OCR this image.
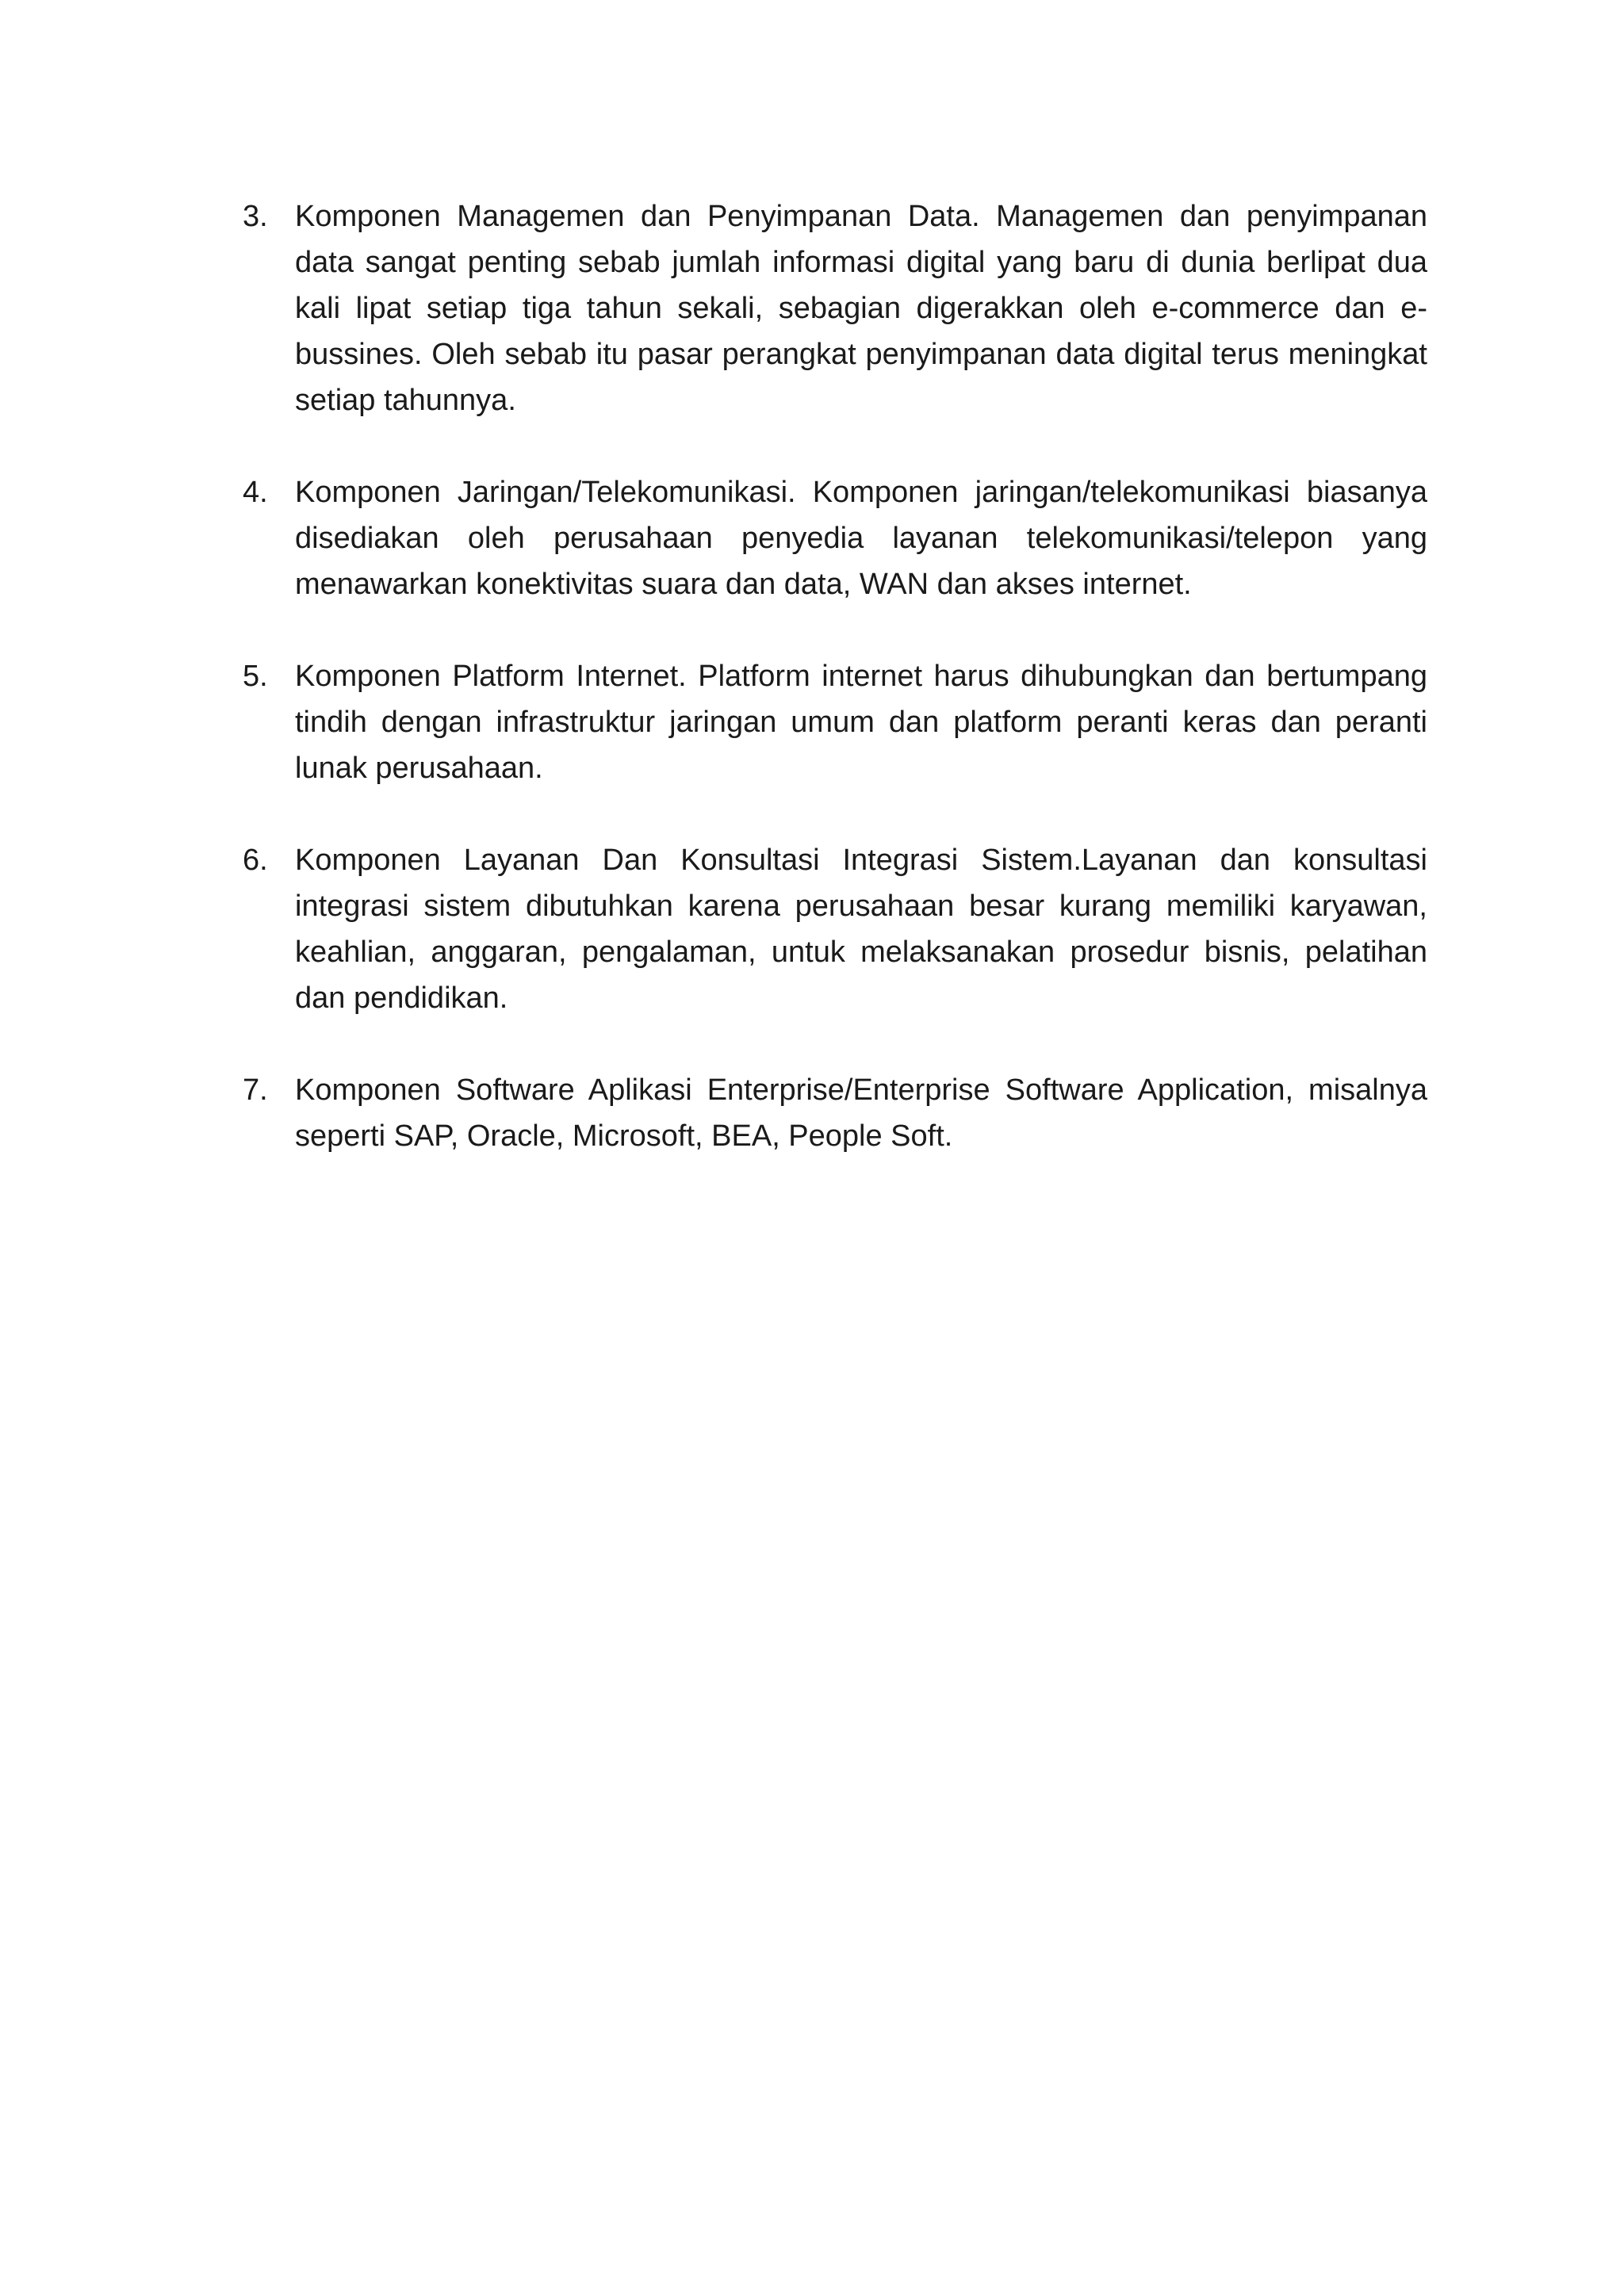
3. Komponen Managemen dan Penyimpanan Data. Managemen dan penyimpanan data sangat penting sebab jumlah informasi digital yang baru di dunia berlipat dua kali lipat setiap tiga tahun sekali, sebagian digerakkan oleh e-commerce dan e-bussines. Oleh sebab itu pasar perangkat penyimpanan data digital terus meningkat setiap tahunnya.
4. Komponen Jaringan/Telekomunikasi. Komponen jaringan/telekomunikasi biasanya disediakan oleh perusahaan penyedia layanan telekomunikasi/telepon yang menawarkan konektivitas suara dan data, WAN dan akses internet.
5. Komponen Platform Internet. Platform internet harus dihubungkan dan bertumpang tindih dengan infrastruktur jaringan umum dan platform peranti keras dan peranti lunak perusahaan.
6. Komponen Layanan Dan Konsultasi Integrasi Sistem.Layanan dan konsultasi integrasi sistem dibutuhkan karena perusahaan besar kurang memiliki karyawan, keahlian, anggaran, pengalaman, untuk melaksanakan prosedur bisnis, pelatihan dan pendidikan.
7. Komponen Software Aplikasi Enterprise/Enterprise Software Application, misalnya seperti SAP, Oracle, Microsoft, BEA, People Soft.
